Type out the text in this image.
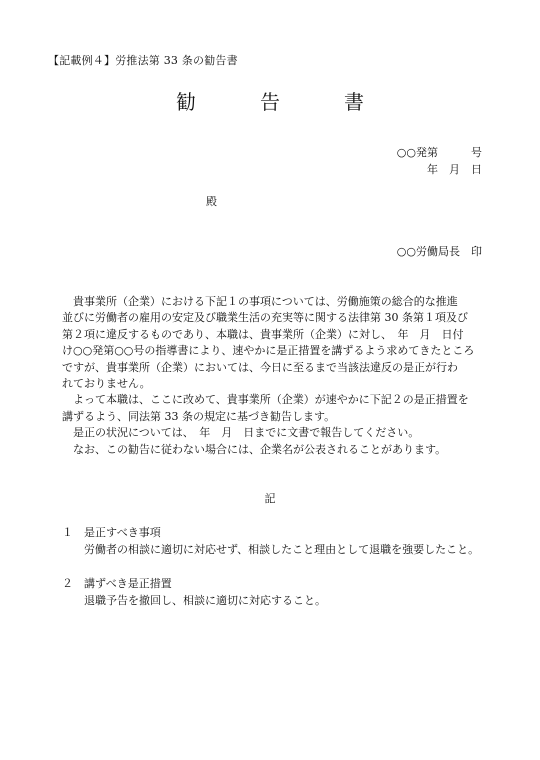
【記載例４】労推法第 33 条の勧告書
勧　告　書
○○発第　　　号
年　月　日
殿
○○労働局長　印
貴事業所（企業）における下記１の事項については、労働施策の総合的な推進
並びに労働者の雇用の安定及び職業生活の充実等に関する法律第 30 条第１項及び
第２項に違反するものであり、本職は、貴事業所（企業）に対し、　年　月　日付
け○○発第○○号の指導書により、速やかに是正措置を講ずるよう求めてきたところ
ですが、貴事業所（企業）においては、今日に至るまで当該法違反の是正が行わ
れておりません。
よって本職は、ここに改めて、貴事業所（企業）が速やかに下記２の是正措置を
講ずるよう、同法第 33 条の規定に基づき勧告します。
是正の状況については、　年　月　日までに文書で報告してください。
なお、この勧告に従わない場合には、企業名が公表されることがあります。
記
１ 是正すべき事項
労働者の相談に適切に対応せず、相談したこと理由として退職を強要したこと。
２ 講ずべき是正措置
退職予告を撤回し、相談に適切に対応すること。
